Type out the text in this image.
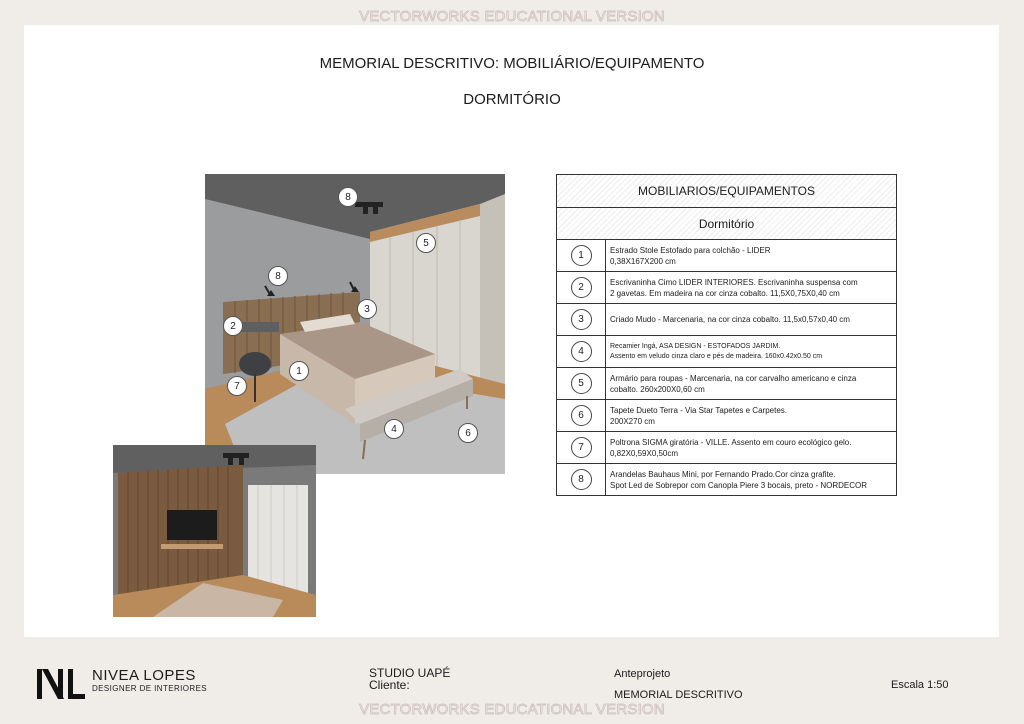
VECTORWORKS EDUCATIONAL VERSION
MEMORIAL DESCRITIVO: MOBILIÁRIO/EQUIPAMENTO
DORMITÓRIO
8
5
8
3
2
1
7
4	6
MOBILIARIOS/EQUIPAMENTOS
Dormitório
1	Estrado Stole Estofado para colchão - LIDER
0,38X167X200 cm
2	Escrivaninha Cimo LIDER INTERIORES. Escrivaninha suspensa com
2 gavetas. Em madeira na cor cinza cobalto. 11,5X0,75X0,40 cm
3	Criado Mudo - Marcenaria, na cor cinza cobalto. 11,5x0,57x0,40 cm
4	Recamier Ingá, ASA DESIGN - ESTOFADOS JARDIM.
Assento em veludo cinza claro e pés de madeira. 160x0.42x0.50 cm
5	Armário para roupas - Marcenaria, na cor carvalho americano e cinza
cobalto. 260x200X0,60 cm
6	Tapete Dueto Terra - Via Star Tapetes e Carpetes.
200X270 cm
7	Poltrona SIGMA giratória - VILLE. Assento em couro ecológico gelo.
0,82X0,59X0,50cm
8	Arandelas Bauhaus Mini, por Fernando Prado.Cor cinza grafite.
Spot Led de Sobrepor com Canopla Piere 3 bocais, preto - NORDECOR
NIVEA LOPES
DESIGNER DE INTERIORES
STUDIO UAPÉ
Cliente:
Anteprojeto
MEMORIAL DESCRITIVO
Escala 1:50
VECTORWORKS EDUCATIONAL VERSION
